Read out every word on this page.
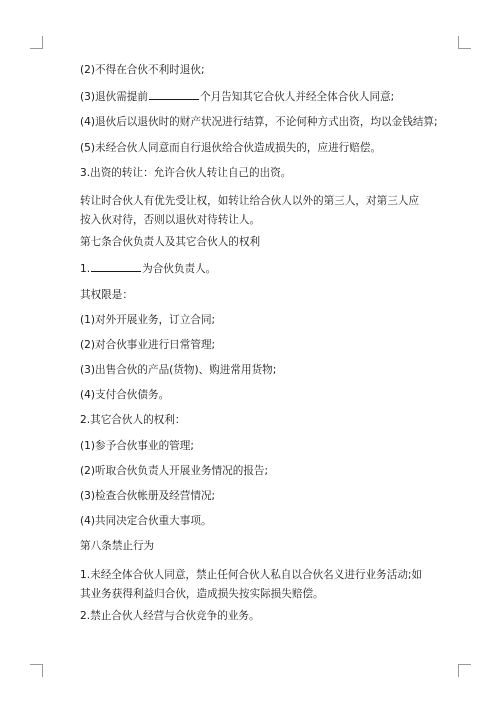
(2)不得在合伙不利时退伙;

(3)退伙需提前	个月告知其它合伙人并经全体合伙人同意;

(4)退伙后以退伙时的财产状况进行结算，不论何种方式出资，均以金钱结算;

(5)未经合伙人同意而自行退伙给合伙造成损失的，应进行赔偿。

3.出资的转让：允许合伙人转让自己的出资。

转让时合伙人有优先受让权，如转让给合伙人以外的第三人，对第三人应按入伙对待，否则以退伙对待转让人。

第七条合伙负责人及其它合伙人的权利

1.	为合伙负责人。

其权限是：

(1)对外开展业务，订立合同;

(2)对合伙事业进行日常管理;

(3)出售合伙的产品(货物)、购进常用货物;

(4)支付合伙债务。

2.其它合伙人的权利：

(1)参予合伙事业的管理;

(2)听取合伙负责人开展业务情况的报告;

(3)检查合伙帐册及经营情况;

(4)共同决定合伙重大事项。

第八条禁止行为

1.未经全体合伙人同意，禁止任何合伙人私自以合伙名义进行业务活动;如其业务获得利益归合伙，造成损失按实际损失赔偿。

2.禁止合伙人经营与合伙竞争的业务。
